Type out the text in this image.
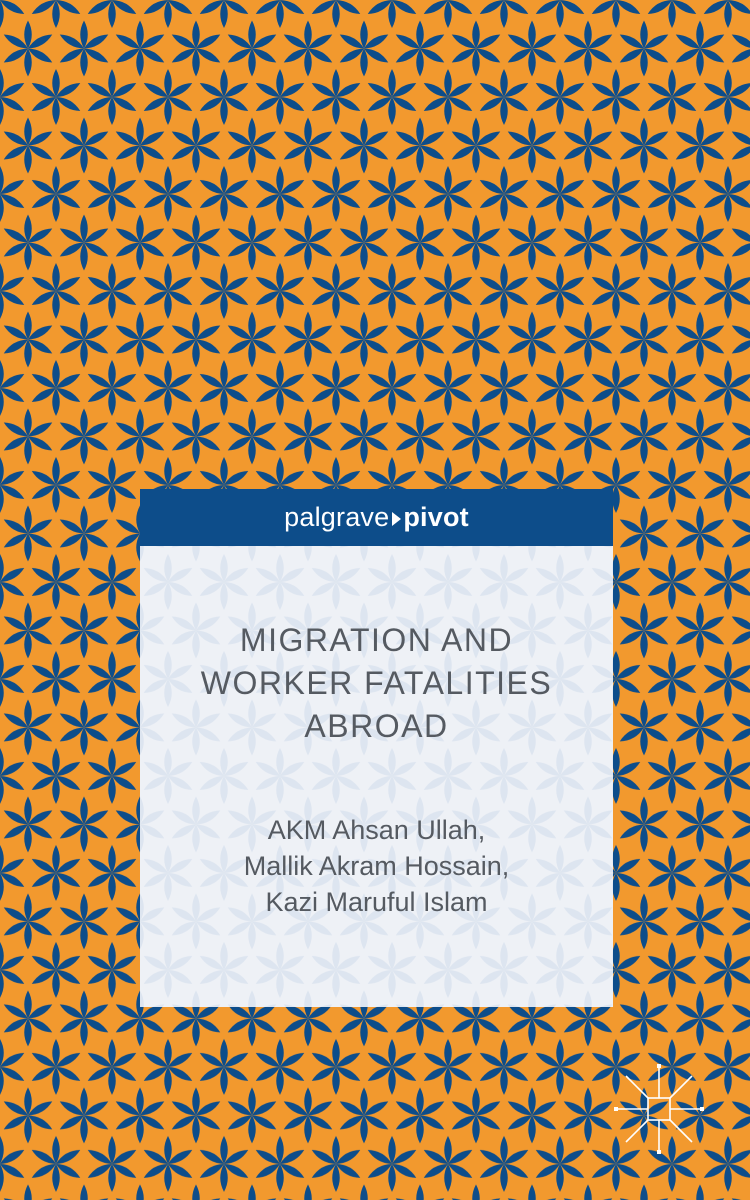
palgrave pivot
MIGRATION AND
WORKER FATALITIES
ABROAD

AKM Ahsan Ullah,
Mallik Akram Hossain,
Kazi Maruful Islam
